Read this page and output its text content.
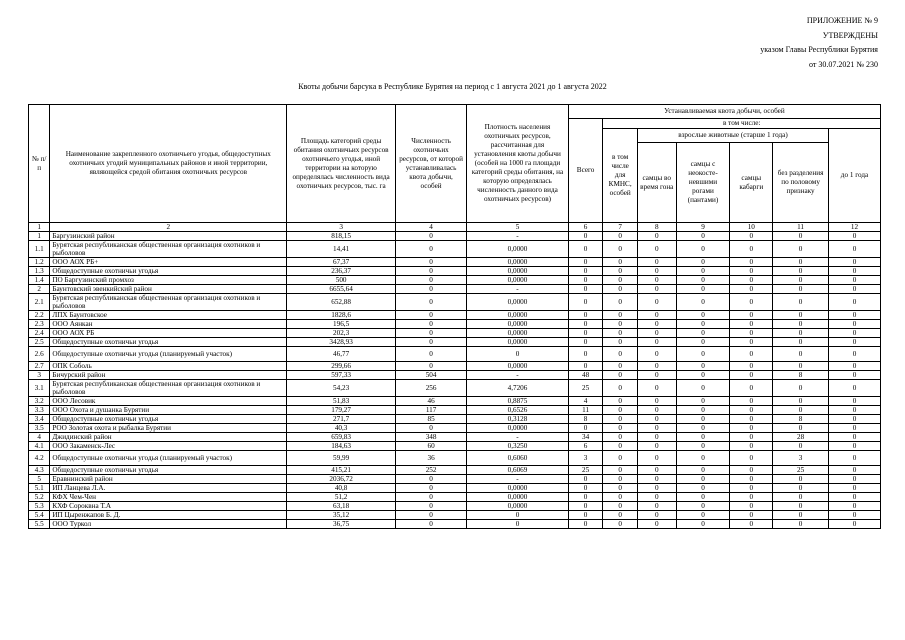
ПРИЛОЖЕНИЕ № 9
УТВЕРЖДЕНЫ
указом Главы Республики Бурятия
от 30.07.2021 № 230
Квоты добычи барсука в Республике Бурятия на период с 1 августа 2021 до 1 августа 2022
№ п/п	Наименование закрепленного охотничьего угодья, общедоступных охотничьих угодий муниципальных районов и иной территории, являющейся средой обитания охотничьих ресурсов	Площадь категорий среды обитания охотничьих ресурсов охотничьего угодья, иной территории на которую определялась численность вида охотничьих ресурсов, тыс. га	Численность охотничьих ресурсов, от которой устанавливалась квота добычи, особей	Плотность населения охотничьих ресурсов, рассчитанная для установления квоты добычи (особей на 1000 га площади категорий среды обитания, на которую определялась численность данного вида охотничьих ресурсов)	Устанавливаемая квота добычи, особей						
					Всего	в том числе:					
						в том числе для КМНС, особей	взрослые животные (старше 1 года)				до 1 года
							самцы во время гона	самцы с неокосте-невшими рогами (пантами)	самцы кабарги	без разделения по половому признаку	
1	2	3	4	5	6	7	8	9	10	11	12
1	Баргузинский район	818,15	0	-	0	0	0	0	0	0	0
1.1	Бурятская республиканская общественная организация охотников и рыболовов	14,41	0	0,0000	0	0	0	0	0	0	0
1.2	ООО АОХ РБ+	67,37	0	0,0000	0	0	0	0	0	0	0
1.3	Общедоступные охотничьи угодья	236,37	0	0,0000	0	0	0	0	0	0	0
1.4	ПО Баргузинский промхоз	500	0	0,0000	0	0	0	0	0	0	0
2	Баунтовский эвенкийский район	6655,64	0	-	0	0	0	0	0	0	0
2.1	Бурятская республиканская общественная организация охотников и рыболовов	652,88	0	0,0000	0	0	0	0	0	0	0
2.2	ЛПХ Баунтовское	1828,6	0	0,0000	0	0	0	0	0	0	0
2.3	ООО Аянкан	196,5	0	0,0000	0	0	0	0	0	0	0
2.4	ООО АОХ РБ	202,3	0	0,0000	0	0	0	0	0	0	0
2.5	Общедоступные охотничьи угодья	3428,93	0	0,0000	0	0	0	0	0	0	0
2.6	Общедоступные охотничьи угодья (планируемый участок)	46,77	0	0	0	0	0	0	0	0	0
2.7	ОПК Соболь	299,66	0	0,0000	0	0	0	0	0	0	0
3	Бичурский район	597,33	504	-	48	0	0	0	0	8	0
3.1	Бурятская республиканская общественная организация охотников и рыболовов	54,23	256	4,7206	25	0	0	0	0	0	0
3.2	ООО Лесовик	51,83	46	0,8875	4	0	0	0	0	0	0
3.3	ООО Охота и душанка Бурятии	179,27	117	0,6526	11	0	0	0	0	0	0
3.4	Общедоступные охотничьи угодья	271,7	85	0,3128	8	0	0	0	0	8	0
3.5	РОО Золотая охота и рыбалка Бурятии	40,3	0	0,0000	0	0	0	0	0	0	0
4	Джидинский район	659,83	348	-	34	0	0	0	0	28	0
4.1	ООО Закаменск-Лес	184,63	60	0,3250	6	0	0	0	0	0	0
4.2	Общедоступные охотничьи угодья (планируемый участок)	59,99	36	0,6060	3	0	0	0	0	3	0
4.3	Общедоступные охотничьи угодья	415,21	252	0,6069	25	0	0	0	0	25	0
5	Еравнинский район	2036,72	0	-	0	0	0	0	0	0	0
5.1	ИП Ланцева Л.А.	40,8	0	0,0000	0	0	0	0	0	0	0
5.2	КФХ Чем-Чен	51,2	0	0,0000	0	0	0	0	0	0	0
5.3	КХФ Сороквна Т.А	63,18	0	0,0000	0	0	0	0	0	0	0
5.4	ИП Цыренжапов Б. Д.	35,12	0	0	0	0	0	0	0	0	0
5.5	ООО Туркол	36,75	0	0	0	0	0	0	0	0	0
